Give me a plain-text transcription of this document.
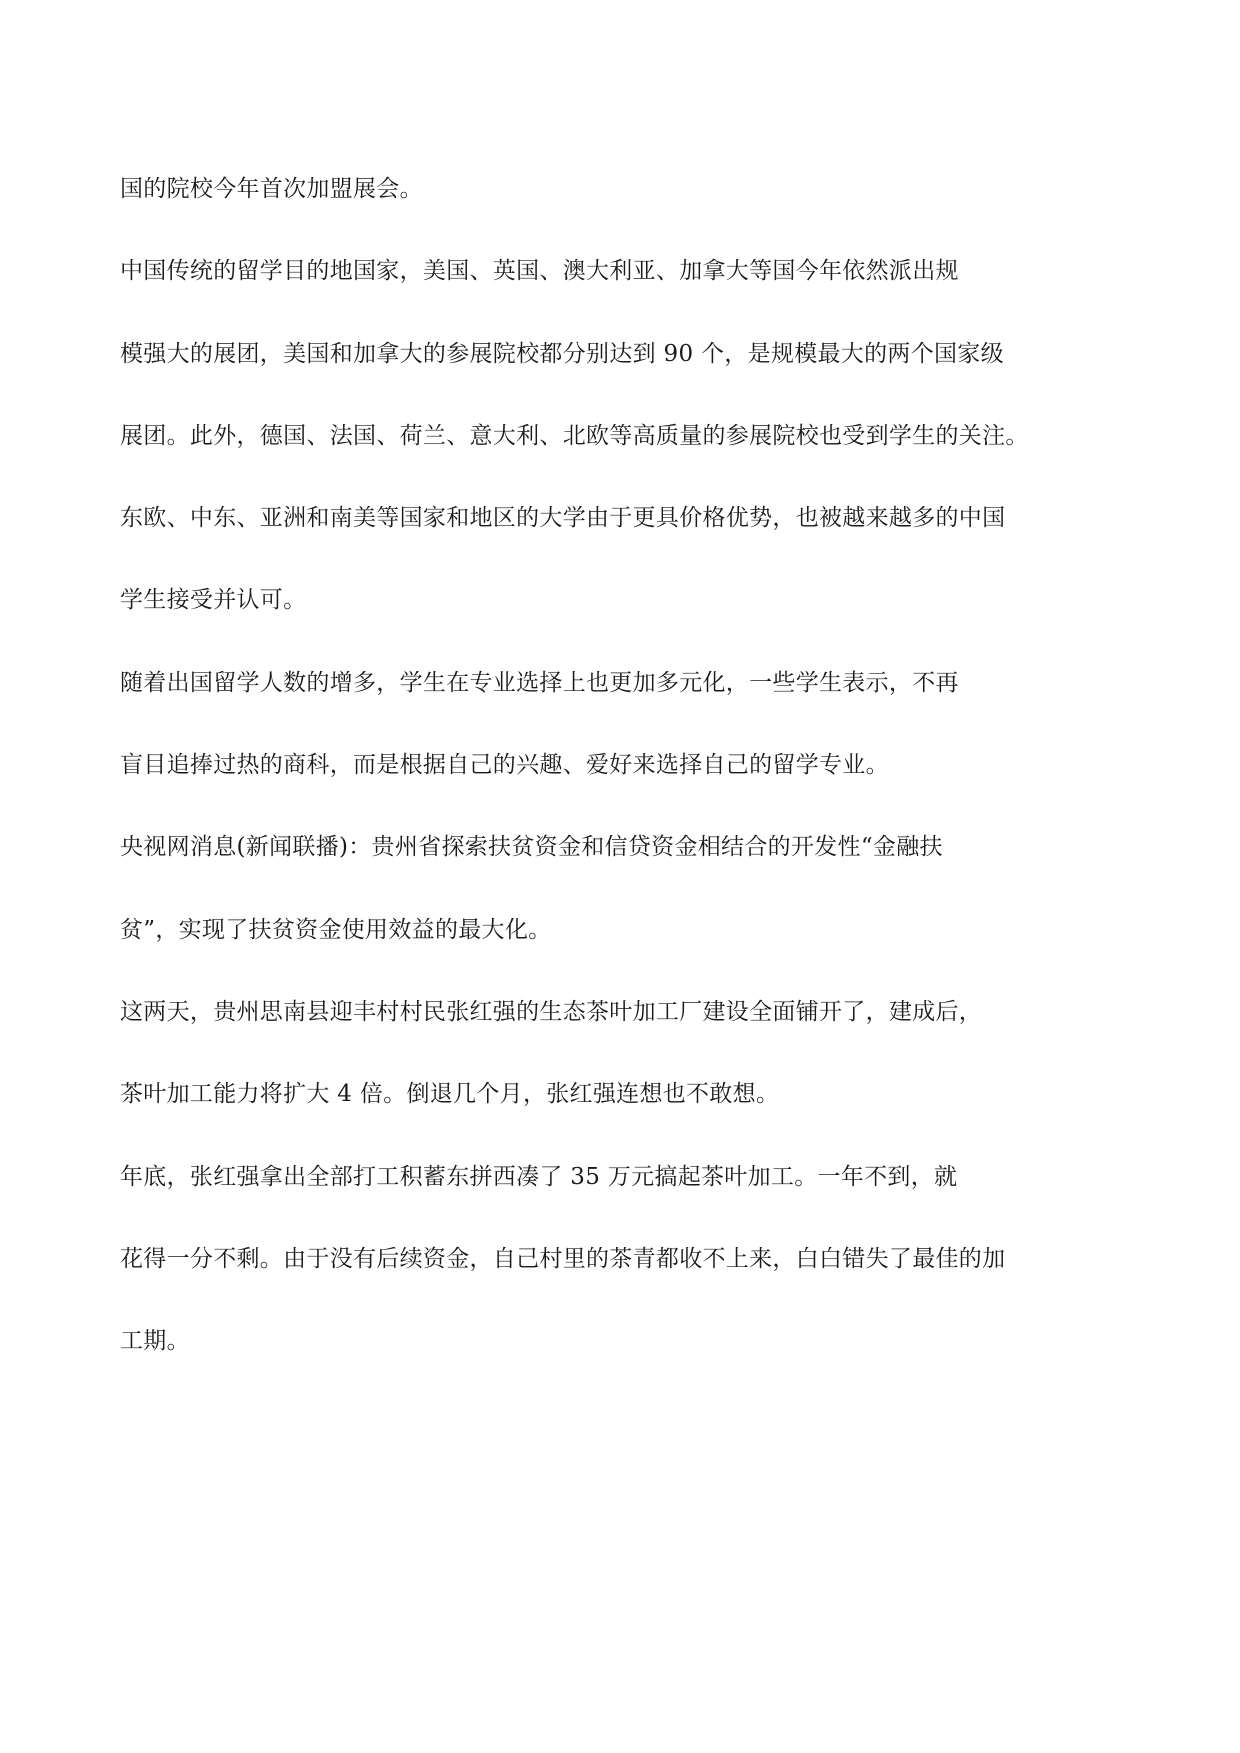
国的院校今年首次加盟展会。
中国传统的留学目的地国家，美国、英国、澳大利亚、加拿大等国今年依然派出规
模强大的展团，美国和加拿大的参展院校都分别达到 90 个，是规模最大的两个国家级
展团。此外，德国、法国、荷兰、意大利、北欧等高质量的参展院校也受到学生的关注。
东欧、中东、亚洲和南美等国家和地区的大学由于更具价格优势，也被越来越多的中国
学生接受并认可。
随着出国留学人数的增多，学生在专业选择上也更加多元化，一些学生表示，不再
盲目追捧过热的商科，而是根据自己的兴趣、爱好来选择自己的留学专业。
央视网消息(新闻联播)：贵州省探索扶贫资金和信贷资金相结合的开发性“金融扶
贫”，实现了扶贫资金使用效益的最大化。
这两天，贵州思南县迎丰村村民张红强的生态茶叶加工厂建设全面铺开了，建成后，
茶叶加工能力将扩大 4 倍。倒退几个月，张红强连想也不敢想。
年底，张红强拿出全部打工积蓄东拼西凑了 35 万元搞起茶叶加工。一年不到，就
花得一分不剩。由于没有后续资金，自己村里的茶青都收不上来，白白错失了最佳的加
工期。
